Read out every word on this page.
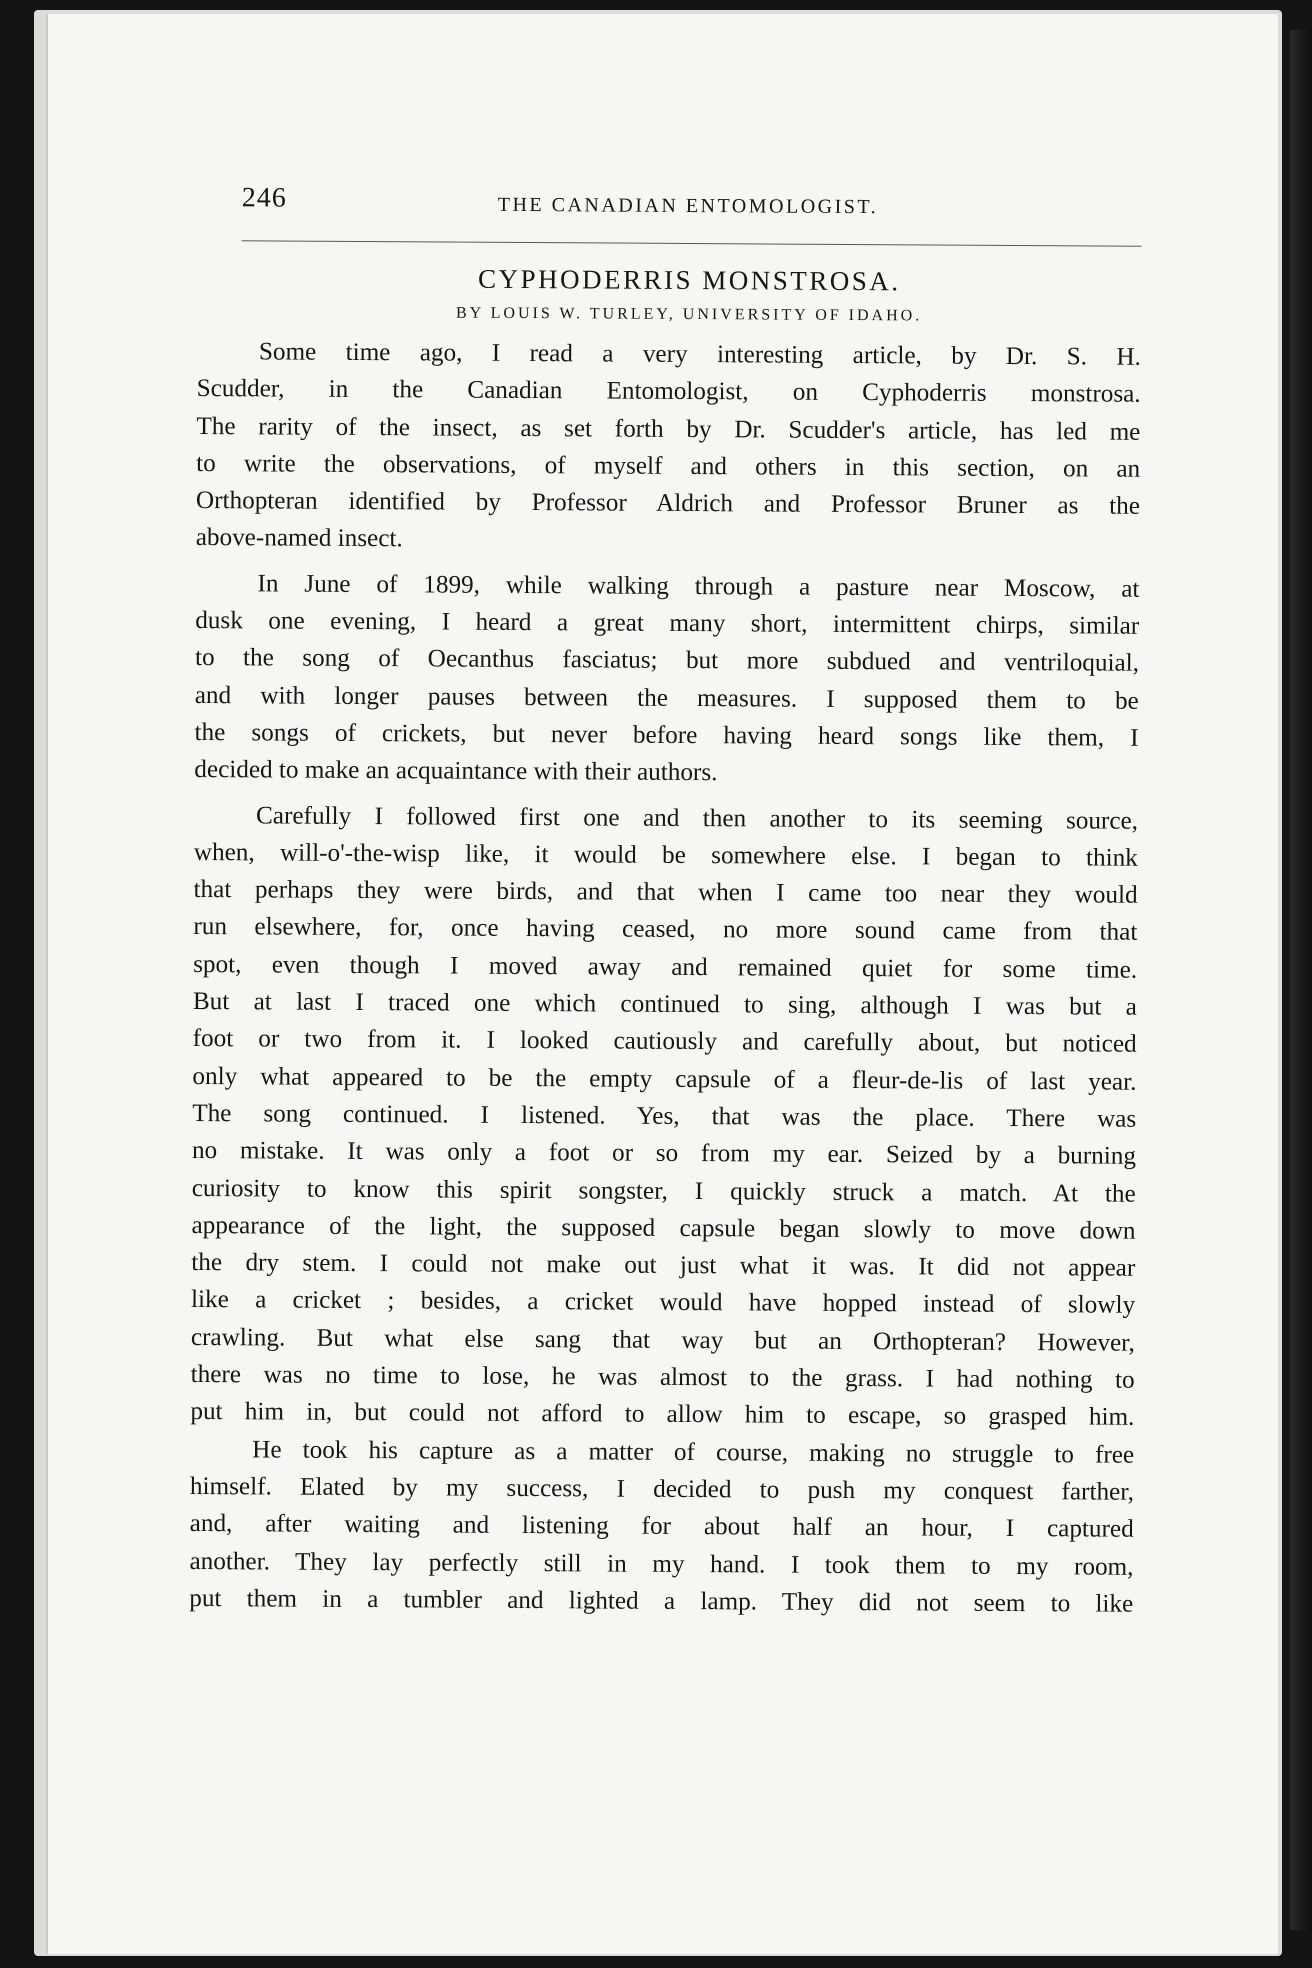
246	THE CANADIAN ENTOMOLOGIST.
CYPHODERRIS MONSTROSA.
BY LOUIS W. TURLEY, UNIVERSITY OF IDAHO.
Some time ago, I read a very interesting article, by Dr. S. H.
Scudder, in the Canadian Entomologist, on Cyphoderris monstrosa.
The rarity of the insect, as set forth by Dr. Scudder's article, has led me
to write the observations, of myself and others in this section, on an
Orthopteran identified by Professor Aldrich and Professor Bruner as the
above-named insect.
In June of 1899, while walking through a pasture near Moscow, at
dusk one evening, I heard a great many short, intermittent chirps, similar
to the song of Oecanthus fasciatus; but more subdued and ventriloquial,
and with longer pauses between the measures. I supposed them to be
the songs of crickets, but never before having heard songs like them, I
decided to make an acquaintance with their authors.
Carefully I followed first one and then another to its seeming source,
when, will-o'-the-wisp like, it would be somewhere else. I began to think
that perhaps they were birds, and that when I came too near they would
run elsewhere, for, once having ceased, no more sound came from that
spot, even though I moved away and remained quiet for some time.
But at last I traced one which continued to sing, although I was but a
foot or two from it. I looked cautiously and carefully about, but noticed
only what appeared to be the empty capsule of a fleur-de-lis of last year.
The song continued. I listened. Yes, that was the place. There was
no mistake. It was only a foot or so from my ear. Seized by a burning
curiosity to know this spirit songster, I quickly struck a match. At the
appearance of the light, the supposed capsule began slowly to move down
the dry stem. I could not make out just what it was. It did not appear
like a cricket ; besides, a cricket would have hopped instead of slowly
crawling. But what else sang that way but an Orthopteran? However,
there was no time to lose, he was almost to the grass. I had nothing to
put him in, but could not afford to allow him to escape, so grasped him.
He took his capture as a matter of course, making no struggle to free
himself. Elated by my success, I decided to push my conquest farther,
and, after waiting and listening for about half an hour, I captured
another. They lay perfectly still in my hand. I took them to my room,
put them in a tumbler and lighted a lamp. They did not seem to like
